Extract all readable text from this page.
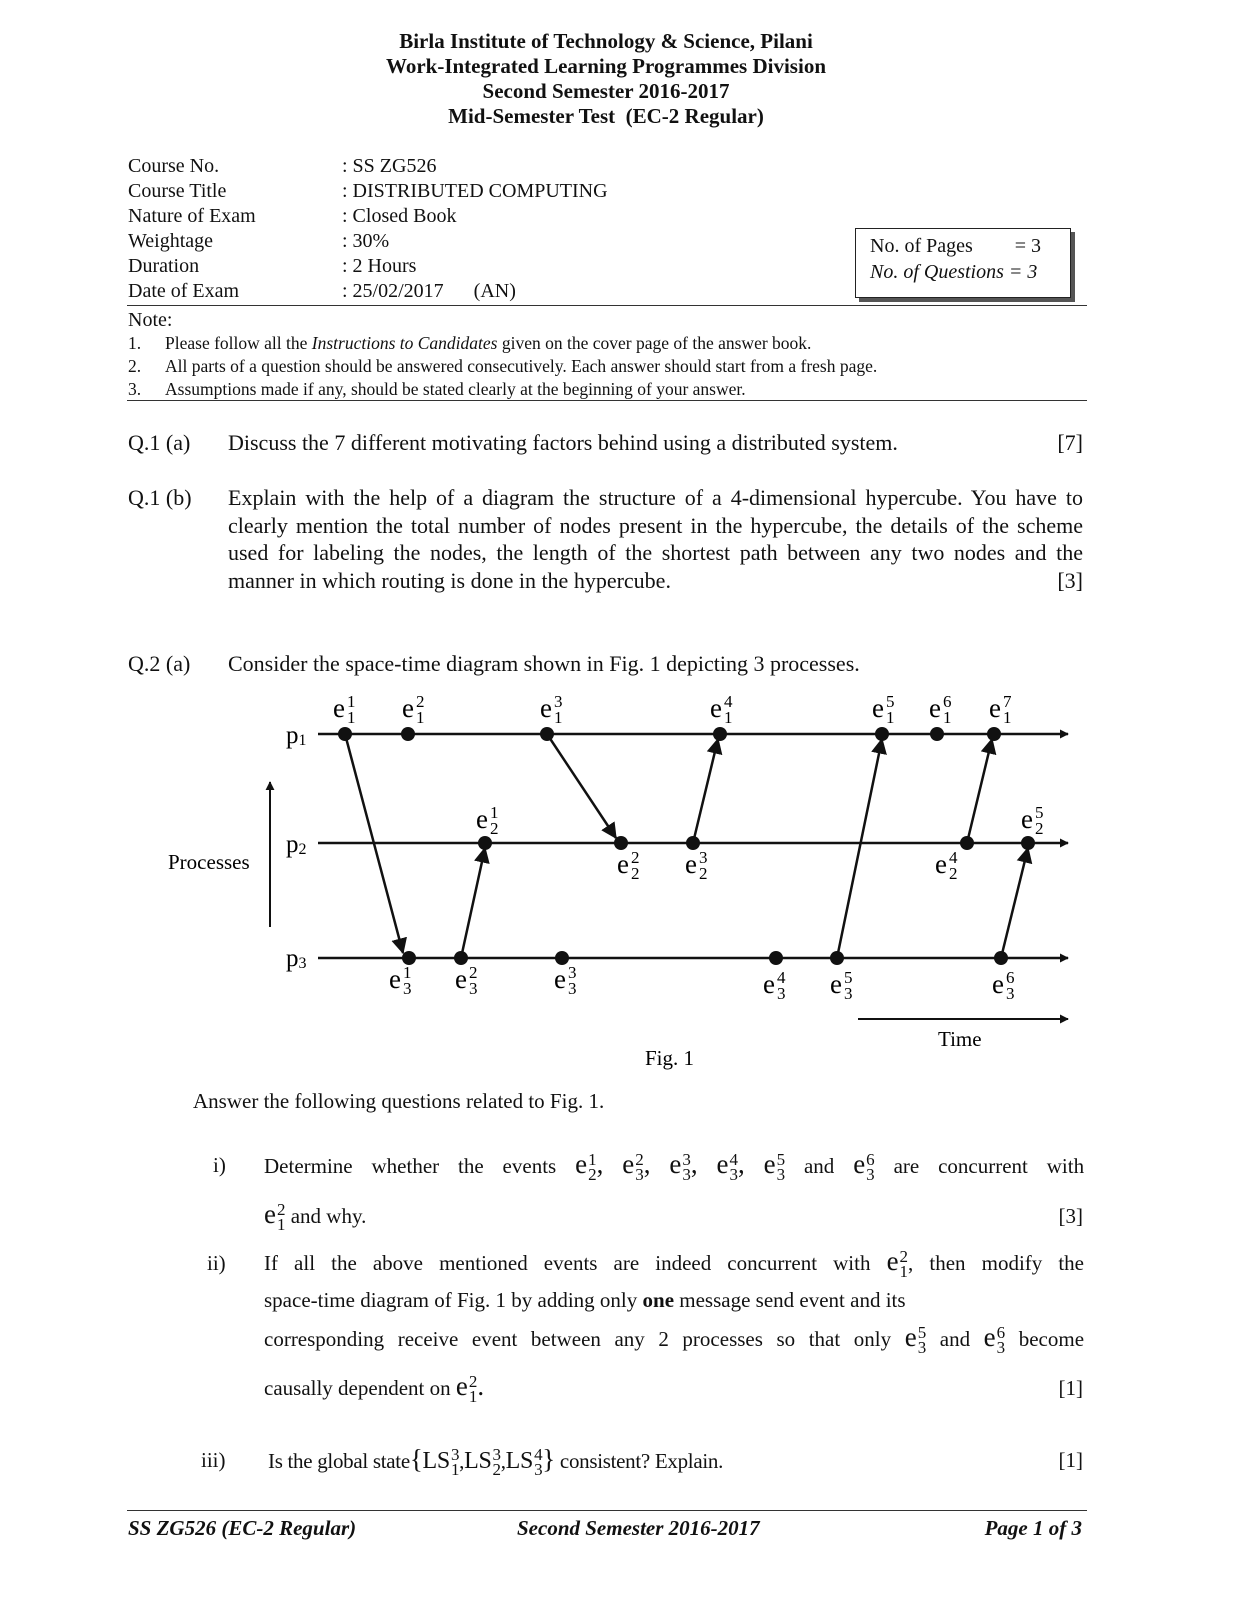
Birla Institute of Technology & Science, Pilani
Work-Integrated Learning Programmes Division
Second Semester 2016-2017
Mid-Semester Test  (EC-2 Regular)
Course No.	: SS ZG526
Course Title	: DISTRIBUTED COMPUTING
Nature of Exam	: Closed Book
Weightage	: 30%
Duration	: 2 Hours
Date of Exam	: 25/02/2017      (AN)
No. of Pages = 3
No. of Questions = 3
Note:
1. Please follow all the Instructions to Candidates given on the cover page of the answer book.
2. All parts of a question should be answered consecutively. Each answer should start from a fresh page.
3. Assumptions made if any, should be stated clearly at the beginning of your answer.
Q.1 (a) Discuss the 7 different motivating factors behind using a distributed system.	[7]
Q.1 (b) Explain with the help of a diagram the structure of a 4-dimensional hypercube. You have to clearly mention the total number of nodes present in the hypercube, the details of the scheme used for labeling the nodes, the length of the shortest path between any two nodes and the manner in which routing is done in the hypercube.	[3]
Q.2 (a) Consider the space-time diagram shown in Fig. 1 depicting 3 processes.
p1
p2
p3
Processes
Time
e 1
1 e 2
1	e 3
1	e 4
1	e 5
1 e 6
1 e 7
1
e 1
2
e 2
2 e 3
2	e 4
2
e 5
2
e 1
3 e 2
3	e 3
3	e 4
3 e 5
3	e 6
3
Fig. 1
Answer the following questions related to Fig. 1.
i) Determine whether the events e 1
2 , e 2
3 , e 3
3 , e 4
3 , e 5
3 and e 6
3 are concurrent with
e 2
1 and why.	[3]
ii) If all the above mentioned events are indeed concurrent with e 2
1 , then modify the
space-time diagram of Fig. 1 by adding only one message send event and its
corresponding receive event between any 2 processes so that only e 5
3 and e 6
3 become
causally dependent on e 2
1 .	[1]
iii) Is the global state{LS 3
1 ,LS 3
2 ,LS 4
3 } consistent? Explain.	[1]
SS ZG526 (EC-2 Regular)	Second Semester 2016-2017	Page 1 of 3
